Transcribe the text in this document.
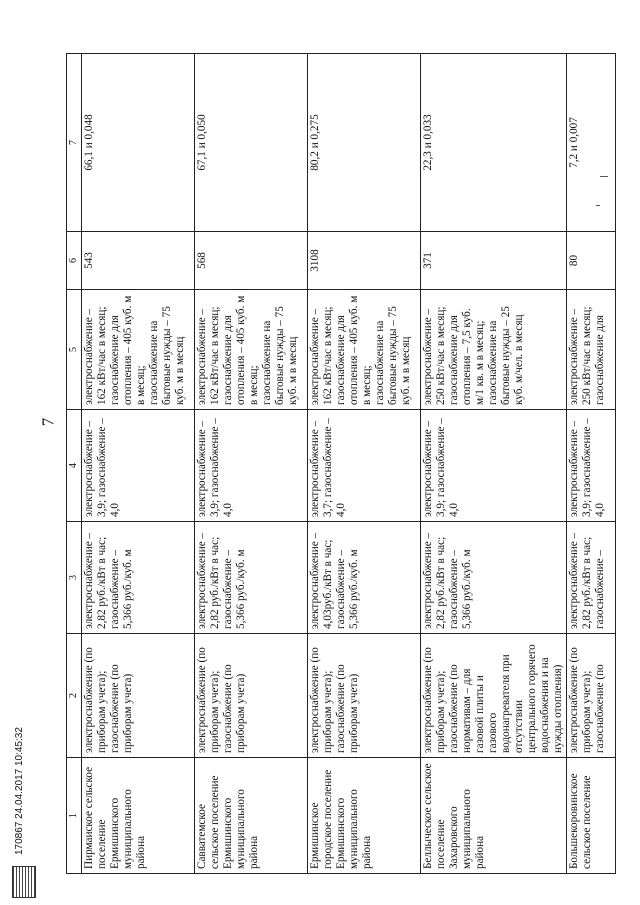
7
1	2	3	4	5	6	7
Пирмаиское сельское поселение Ермишинского муниципального района	электроснабжение (по приборам учета); газоснабжение (по приборам учета)	электроснабжение – 2,82 руб./кВт в час; газоснабжение – 5,366 руб./куб. м	электроснабжение – 3,9; газоснабжение – 4,0	электроснабжение – 162 кВт/час в месяц; газоснабжение для отопления – 405 куб. м в месяц; газоснабжение на бытовые нужды – 75 куб. м в месяц	543	66,1 и 0,048
Савватемское сельское поселение Ермишинского муниципального района	электроснабжение (по приборам учета); газоснабжение (по приборам учета)	электроснабжение – 2,82 руб./кВт в час; газоснабжение – 5,366 руб./куб. м	электроснабжение – 3,9; газоснабжение – 4,0	электроснабжение – 162 кВт/час в месяц; газоснабжение для отопления – 405 куб. м в месяц; газоснабжение на бытовые нужды – 75 куб. м в месяц	568	67,1 и 0,050
Ермишинское городское поселение Ермишинского муниципального района	электроснабжение (по приборам учета); газоснабжение (по приборам учета)	электроснабжение – 4,03руб./кВт в час; газоснабжение – 5,366 руб./куб. м	электроснабжение – 3,7; газоснабжение – 4,0	электроснабжение – 162 кВт/час в месяц; газоснабжение для отопления – 405 куб. м в месяц; газоснабжение на бытовые нужды – 75 куб. м в месяц	3108	80,2 и 0,275
Беллыческое сельское поселение Захаровского муниципального района	электроснабжение (по приборам учета); газоснабжение (по нормативам – для газовой плиты и газового водонагревателя при отсутствии центрального горячего водоснабжения и на нужды отопления)	электроснабжение – 2,82 руб./кВт в час; газоснабжение – 5,366 руб./куб. м	электроснабжение – 3,9; газоснабжение – 4,0	электроснабжение – 250 кВт/час в месяц; газоснабжение для отопления – 7,5 куб. м/1 кв. м в месяц; газоснабжение на бытовые нужды – 25 куб. м/чел. в месяц	371	22,3 и 0,033
Большекоровинское сельское поселение	электроснабжение (по приборам учета); газоснабжение (по	электроснабжение – 2,82 руб./кВт в час; газоснабжение –	электроснабжение – 3,9; газоснабжение – 4,0	электроснабжение – 250 кВт/час в месяц; газоснабжение для	80	7,2 и 0,007
170867 24.04.2017 10:45:32
